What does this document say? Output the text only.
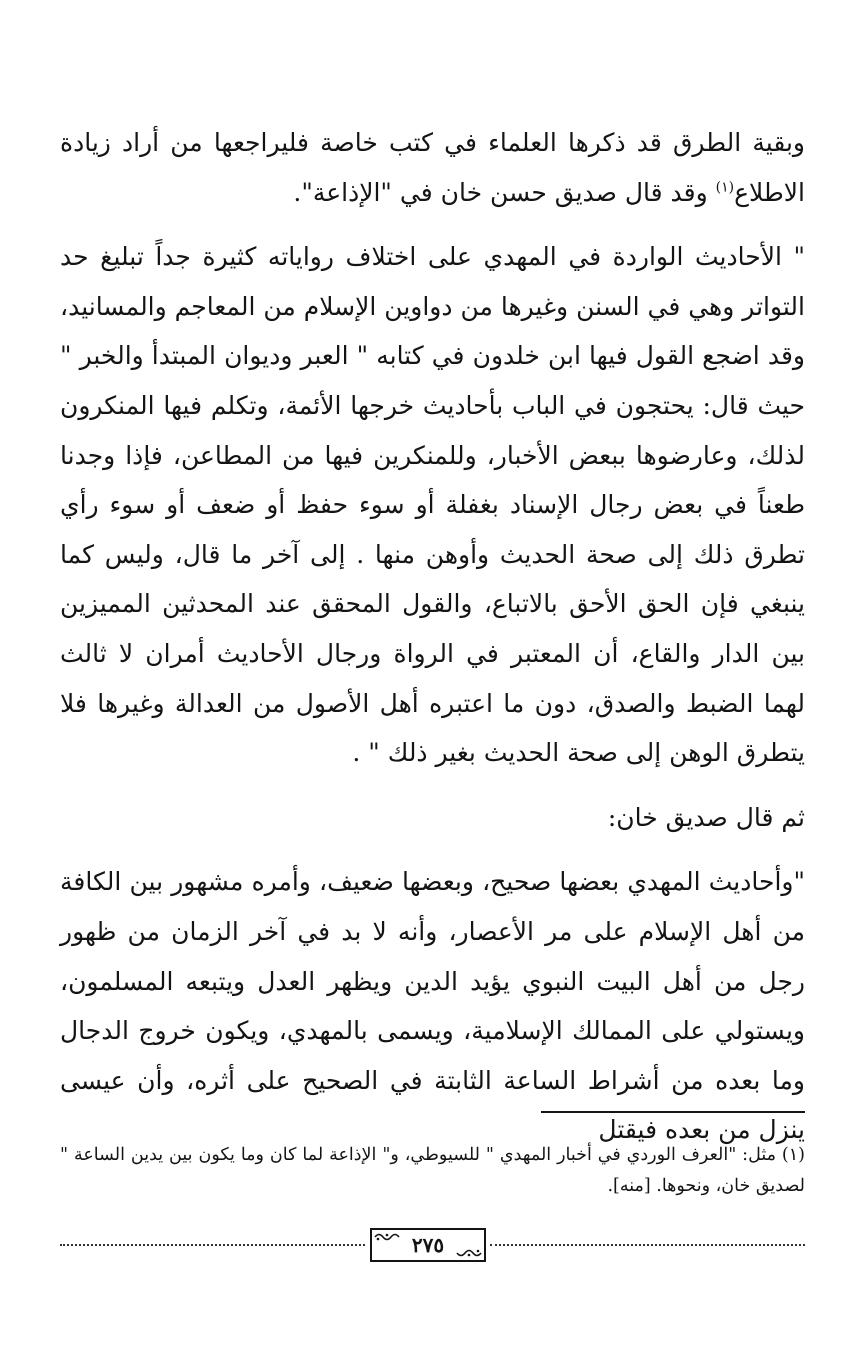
وبقية الطرق قد ذكرها العلماء في كتب خاصة فليراجعها من أراد زيادة الاطلاع$^{(١)}$ وقد قال صديق حسن خان في "الإذاعة".

" الأحاديث الواردة في المهدي على اختلاف رواياته كثيرة جداً تبليغ حد التواتر وهي في السنن وغيرها من دواوين الإسلام من المعاجم والمسانيد، وقد اضجع القول فيها ابن خلدون في كتابه " العبر وديوان المبتدأ والخبر " حيث قال: يحتجون في الباب بأحاديث خرجها الأئمة، وتكلم فيها المنكرون لذلك، وعارضوها ببعض الأخبار، وللمنكرين فيها من المطاعن، فإذا وجدنا طعناً في بعض رجال الإسناد بغفلة أو سوء حفظ أو ضعف أو سوء رأي تطرق ذلك إلى صحة الحديث وأوهن منها . إلى آخر ما قال، وليس كما ينبغي فإن الحق الأحق بالاتباع، والقول المحقق عند المحدثين المميزين بين الدار والقاع، أن المعتبر في الرواة ورجال الأحاديث أمران لا ثالث لهما الضبط والصدق، دون ما اعتبره أهل الأصول من العدالة وغيرها فلا يتطرق الوهن إلى صحة الحديث بغير ذلك " .

ثم قال صديق خان:

"وأحاديث المهدي بعضها صحيح، وبعضها ضعيف، وأمره مشهور بين الكافة من أهل الإسلام على مر الأعصار، وأنه لا بد في آخر الزمان من ظهور رجل من أهل البيت النبوي يؤيد الدين ويظهر العدل ويتبعه المسلمون، ويستولي على الممالك الإسلامية، ويسمى بالمهدي، ويكون خروج الدجال وما بعده من أشراط الساعة الثابتة في الصحيح على أثره، وأن عيسى ينزل من بعده فيقتل

(١) مثل: "العرف الوردي في أخبار المهدي " للسيوطي، و" الإذاعة لما كان وما يكون بين يدين الساعة " لصديق خان، ونحوها. [منه].

٢٧٥
